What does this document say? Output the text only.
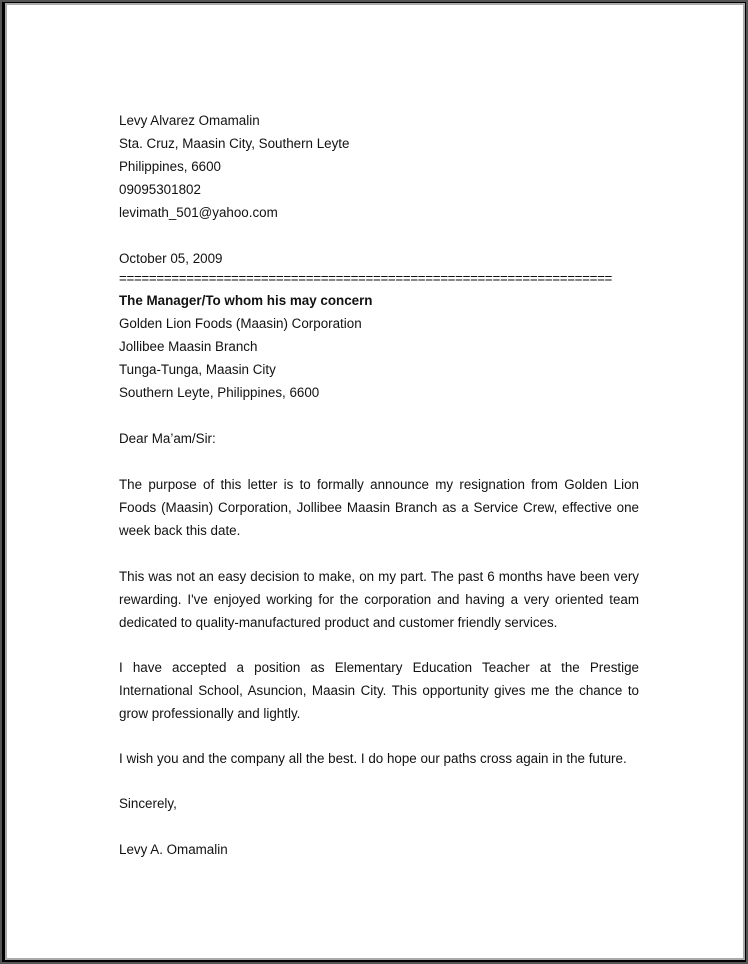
Levy Alvarez Omamalin
Sta. Cruz, Maasin City, Southern Leyte
Philippines, 6600
09095301802
levimath_501@yahoo.com
October 05, 2009
==================================================================
The Manager/To whom his may concern
Golden Lion Foods (Maasin) Corporation
Jollibee Maasin Branch
Tunga-Tunga, Maasin City
Southern Leyte, Philippines, 6600
Dear Ma’am/Sir:
The purpose of this letter is to formally announce my resignation from Golden Lion
Foods (Maasin) Corporation, Jollibee Maasin Branch as a Service Crew, effective one
week back this date.
This was not an easy decision to make, on my part. The past 6 months have been very
rewarding. I've enjoyed working for the corporation and having a very oriented team
dedicated to quality-manufactured product and customer friendly services.
I have accepted a position as Elementary Education Teacher at the Prestige
International School, Asuncion, Maasin City. This opportunity gives me the chance to
grow professionally and lightly.
I wish you and the company all the best. I do hope our paths cross again in the future.
Sincerely,
Levy A. Omamalin
